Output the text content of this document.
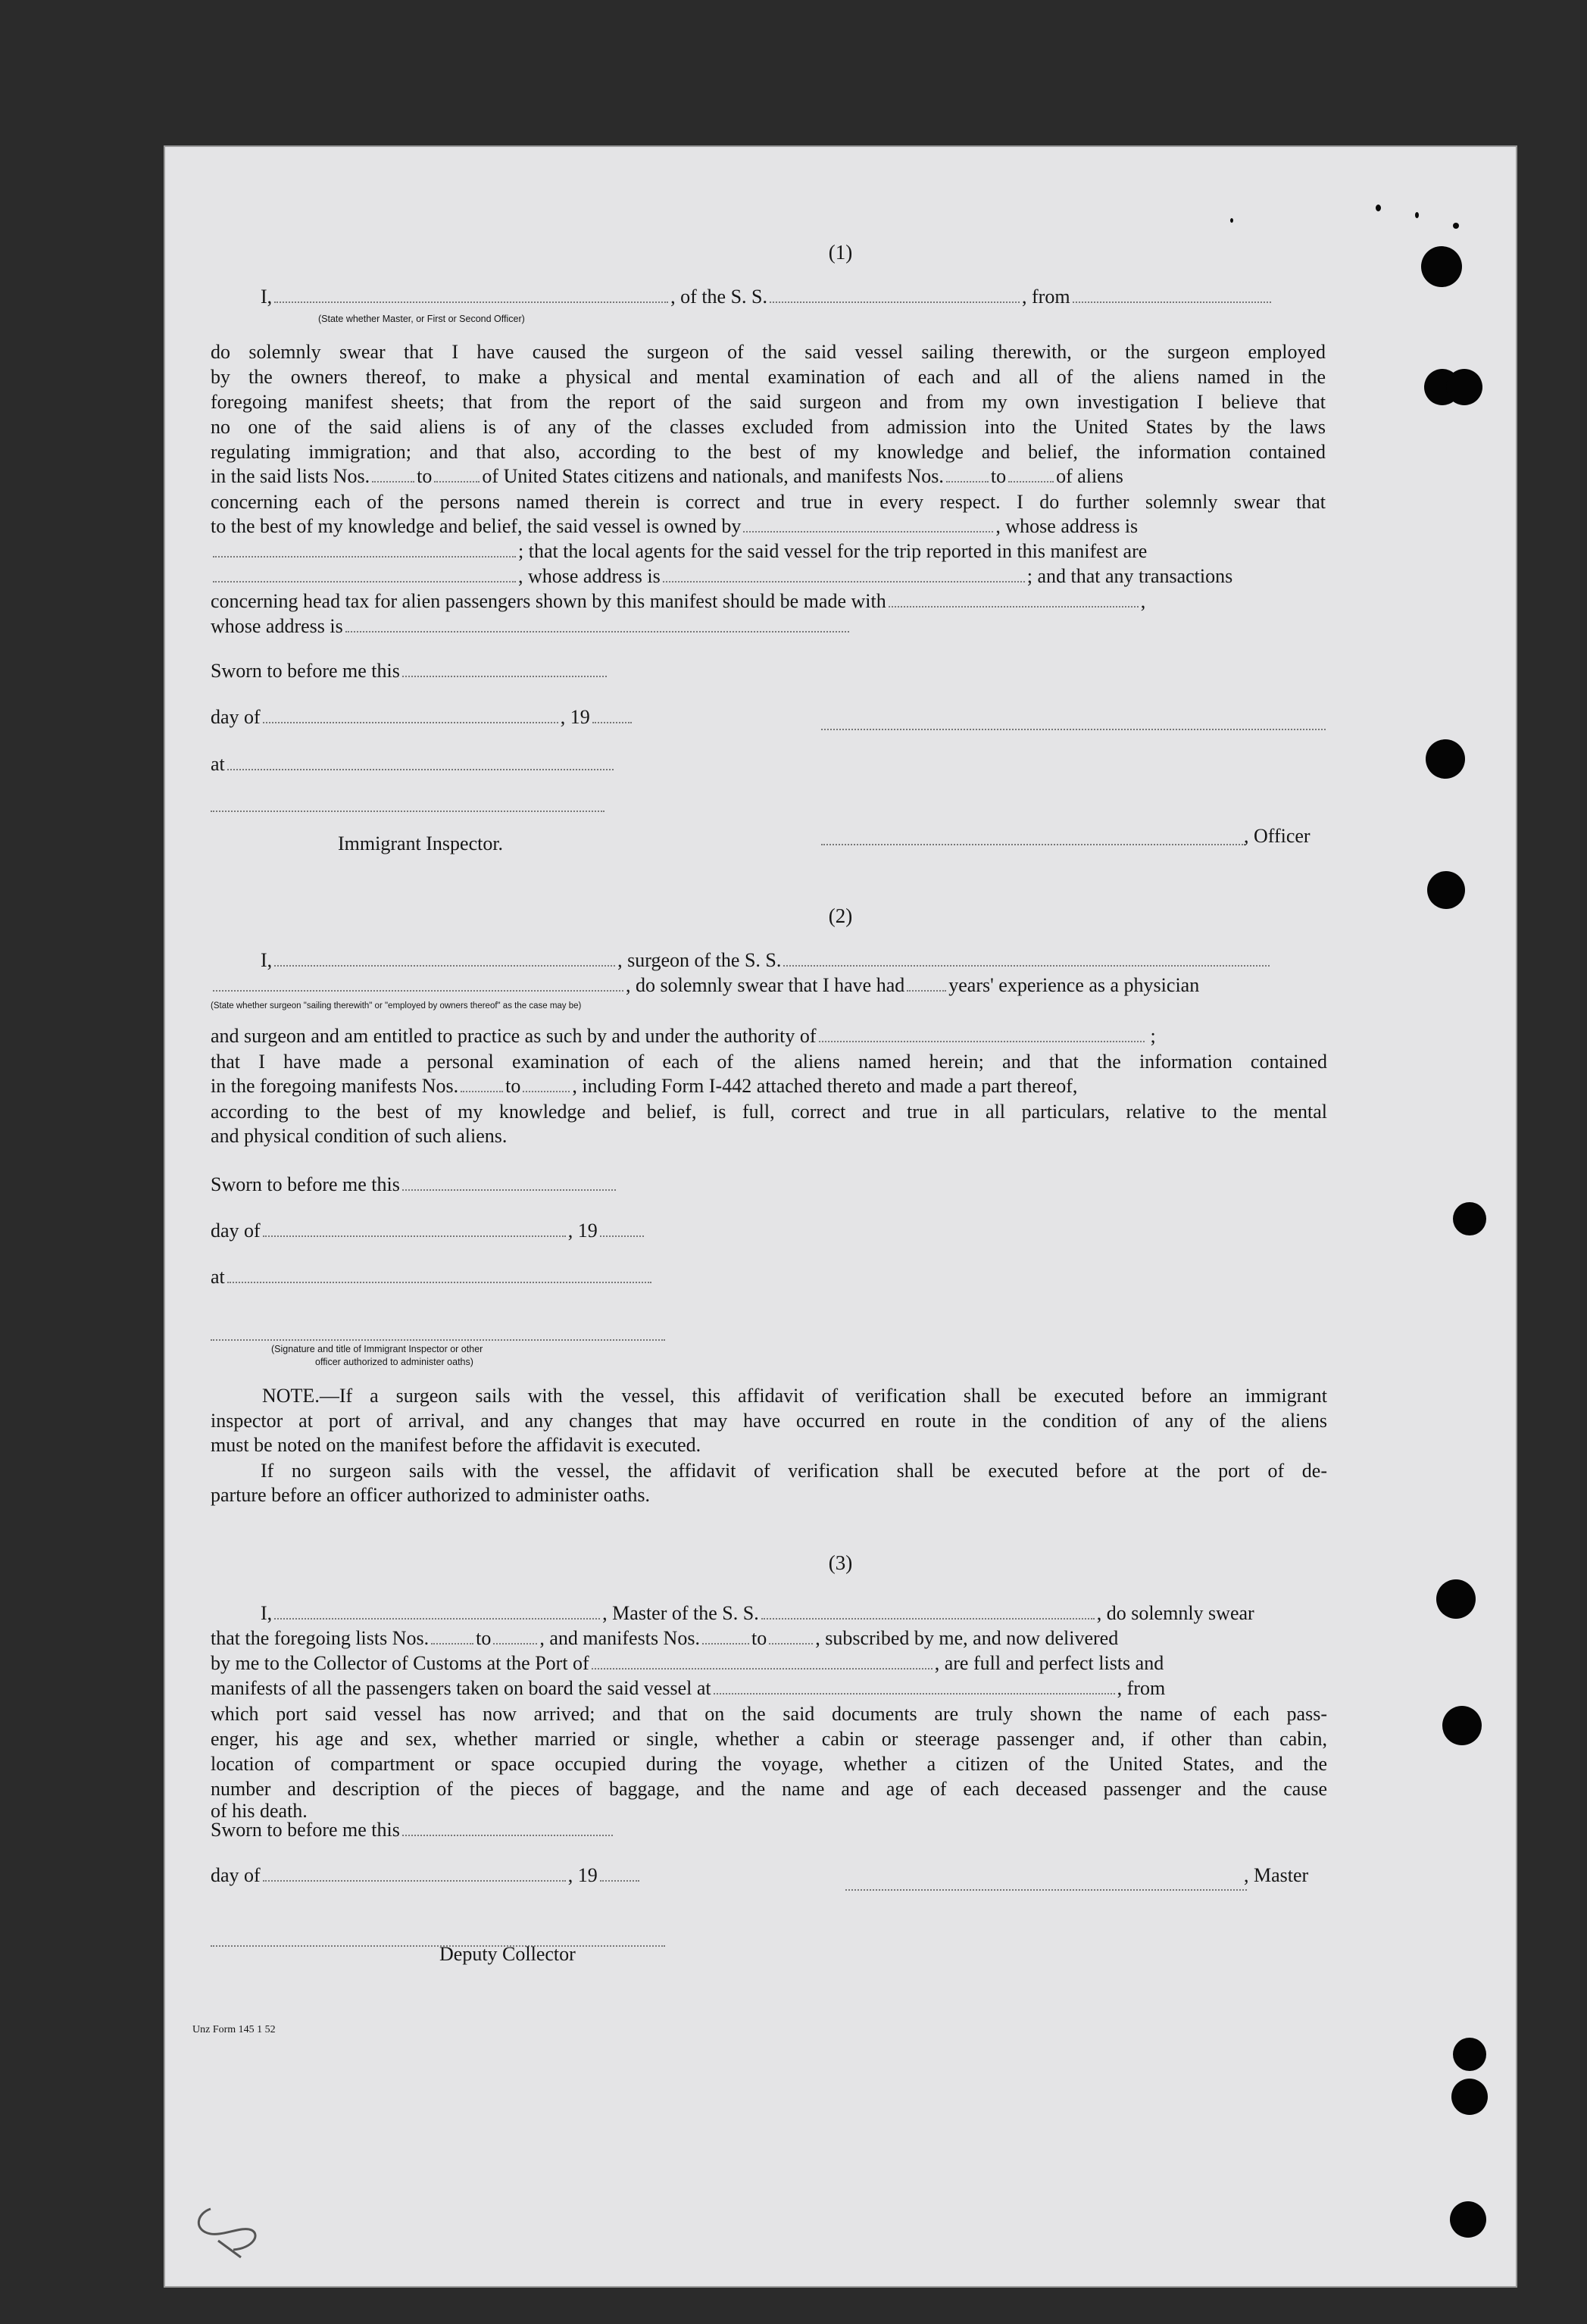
(1)
I,	, of the S. S.	, from
(State whether Master, or First or Second Officer)
do solemnly swear that I have caused the surgeon of the said vessel sailing therewith, or the surgeon employed
by the owners thereof, to make a physical and mental examination of each and all of the aliens named in the
foregoing manifest sheets; that from the report of the said surgeon and from my own investigation I believe that
no one of the said aliens is of any of the classes excluded from admission into the United States by the laws
regulating immigration; and that also, according to the best of my knowledge and belief, the information contained
in the said lists Nos. to	of United States citizens and nationals, and manifests Nos. to	of aliens
concerning each of the persons named therein is correct and true in every respect. I do further solemnly swear that
to the best of my knowledge and belief, the said vessel is owned by	, whose address is
; that the local agents for the said vessel for the trip reported in this manifest are
, whose address is	; and that any transactions
concerning head tax for alien passengers shown by this manifest should be made with	,
whose address is
Sworn to before me this
day of	, 19
at
Immigrant Inspector.	, Officer
(2)
I,	, surgeon of the S. S.
, do solemnly swear that I have had years' experience as a physician
(State whether surgeon "sailing therewith" or "employed by owners thereof" as the case may be)
and surgeon and am entitled to practice as such by and under the authority of	;
that I have made a personal examination of each of the aliens named herein; and that the information contained
in the foregoing manifests Nos. to	, including Form I-442 attached thereto and made a part thereof,
according to the best of my knowledge and belief, is full, correct and true in all particulars, relative to the mental
and physical condition of such aliens.
Sworn to before me this
day of	, 19
at
(Signature and title of Immigrant Inspector or other
officer authorized to administer oaths)
NOTE.—If a surgeon sails with the vessel, this affidavit of verification shall be executed before an immigrant
inspector at port of arrival, and any changes that may have occurred en route in the condition of any of the aliens
must be noted on the manifest before the affidavit is executed.
If no surgeon sails with the vessel, the affidavit of verification shall be executed before at the port of de-
parture before an officer authorized to administer oaths.
(3)
I,	, Master of the S. S.	, do solemnly swear
that the foregoing lists Nos. to , and manifests Nos.	to , subscribed by me, and now delivered
by me to the Collector of Customs at the Port of	, are full and perfect lists and
manifests of all the passengers taken on board the said vessel at	, from
which port said vessel has now arrived; and that on the said documents are truly shown the name of each pass-
enger, his age and sex, whether married or single, whether a cabin or steerage passenger and, if other than cabin,
location of compartment or space occupied during the voyage, whether a citizen of the United States, and the
number and description of the pieces of baggage, and the name and age of each deceased passenger and the cause
of his death.
Sworn to before me this
day of	, 19	, Master
Deputy Collector
Unz Form 145 1 52
